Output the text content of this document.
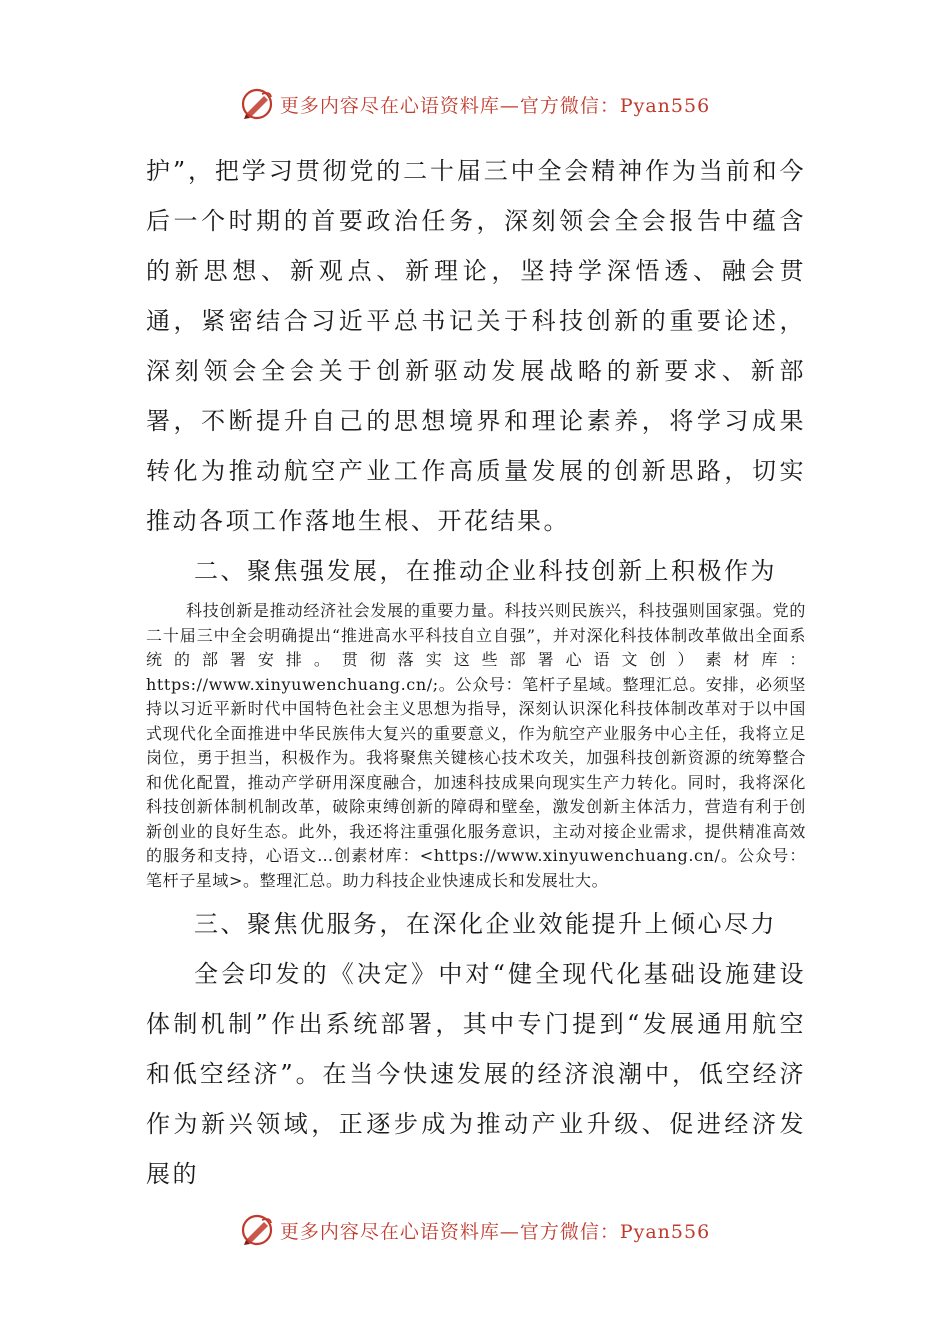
更多内容尽在心语资料库—官方微信：Pyan556

护”，把学习贯彻党的二十届三中全会精神作为当前和今后一个时期的首要政治任务，深刻领会全会报告中蕴含的新思想、新观点、新理论，坚持学深悟透、融会贯通，紧密结合习近平总书记关于科技创新的重要论述，深刻领会全会关于创新驱动发展战略的新要求、新部署，不断提升自己的思想境界和理论素养，将学习成果转化为推动航空产业工作高质量发展的创新思路，切实推动各项工作落地生根、开花结果。

二、聚焦强发展，在推动企业科技创新上积极作为

科技创新是推动经济社会发展的重要力量。科技兴则民族兴，科技强则国家强。党的二十届三中全会明确提出“推进高水平科技自立自强”，并对深化科技体制改革做出全面系统的部署安排。贯彻落实这些部署心语文创）素材库：https://www.xinyuwenchuang.cn/;。公众号：笔杆子星域。整理汇总。安排，必须坚持以习近平新时代中国特色社会主义思想为指导，深刻认识深化科技体制改革对于以中国式现代化全面推进中华民族伟大复兴的重要意义，作为航空产业服务中心主任，我将立足岗位，勇于担当，积极作为。我将聚焦关键核心技术攻关，加强科技创新资源的统筹整合和优化配置，推动产学研用深度融合，加速科技成果向现实生产力转化。同时，我将深化科技创新体制机制改革，破除束缚创新的障碍和壁垒，激发创新主体活力，营造有利于创新创业的良好生态。此外，我还将注重强化服务意识，主动对接企业需求，提供精准高效的服务和支持，心语文…创素材库：<https://www.xinyuwenchuang.cn/。公众号：笔杆子星域>。整理汇总。助力科技企业快速成长和发展壮大。

三、聚焦优服务，在深化企业效能提升上倾心尽力

全会印发的《决定》中对“健全现代化基础设施建设体制机制”作出系统部署，其中专门提到“发展通用航空和低空经济”。在当今快速发展的经济浪潮中，低空经济作为新兴领域，正逐步成为推动产业升级、促进经济发展的

更多内容尽在心语资料库—官方微信：Pyan556
